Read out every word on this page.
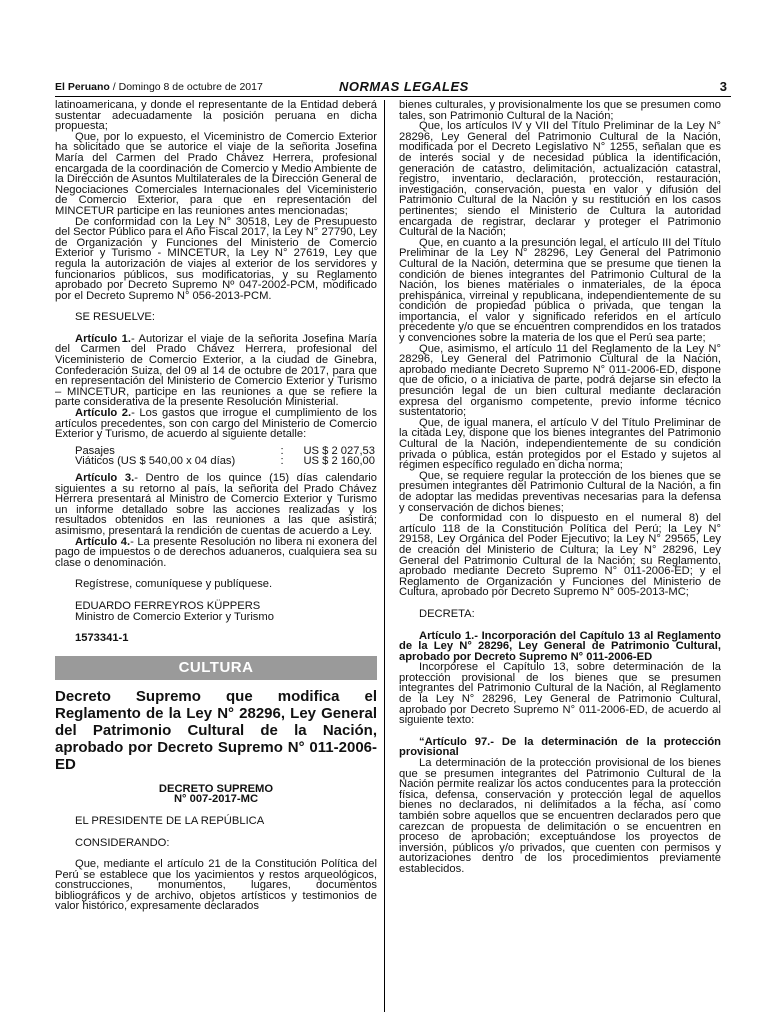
El Peruano / Domingo 8 de octubre de 2017	NORMAS LEGALES	3

latinoamericana, y donde el representante de la Entidad deberá sustentar adecuadamente la posición peruana en dicha propuesta;

Que, por lo expuesto, el Viceministro de Comercio Exterior ha solicitado que se autorice el viaje de la señorita Josefina María del Carmen del Prado Chávez Herrera, profesional encargada de la coordinación de Comercio y Medio Ambiente de la Dirección de Asuntos Multilaterales de la Dirección General de Negociaciones Comerciales Internacionales del Viceministerio de Comercio Exterior, para que en representación del MINCETUR participe en las reuniones antes mencionadas;

De conformidad con la Ley N° 30518, Ley de Presupuesto del Sector Público para el Año Fiscal 2017, la Ley N° 27790, Ley de Organización y Funciones del Ministerio de Comercio Exterior y Turismo - MINCETUR, la Ley N° 27619, Ley que regula la autorización de viajes al exterior de los servidores y funcionarios públicos, sus modificatorias, y su Reglamento aprobado por Decreto Supremo Nº 047-2002-PCM, modificado por el Decreto Supremo N° 056-2013-PCM.

SE RESUELVE:

Artículo 1.- Autorizar el viaje de la señorita Josefina María del Carmen del Prado Chávez Herrera, profesional del Viceministerio de Comercio Exterior, a la ciudad de Ginebra, Confederación Suiza, del 09 al 14 de octubre de 2017, para que en representación del Ministerio de Comercio Exterior y Turismo – MINCETUR, participe en las reuniones a que se refiere la parte considerativa de la presente Resolución Ministerial.

Artículo 2.- Los gastos que irrogue el cumplimiento de los artículos precedentes, son con cargo del Ministerio de Comercio Exterior y Turismo, de acuerdo al siguiente detalle:

Pasajes	:	US $ 2 027,53
Viáticos (US $ 540,00 x 04 días)	:	US $ 2 160,00

Artículo 3.- Dentro de los quince (15) días calendario siguientes a su retorno al país, la señorita del Prado Chávez Herrera presentará al Ministro de Comercio Exterior y Turismo un informe detallado sobre las acciones realizadas y los resultados obtenidos en las reuniones a las que asistirá; asimismo, presentará la rendición de cuentas de acuerdo a Ley.

Artículo 4.- La presente Resolución no libera ni exonera del pago de impuestos o de derechos aduaneros, cualquiera sea su clase o denominación.

Regístrese, comuníquese y publíquese.

EDUARDO FERREYROS KÜPPERS

Ministro de Comercio Exterior y Turismo

1573341-1

CULTURA

Decreto Supremo que modifica el Reglamento de la Ley N° 28296, Ley General del Patrimonio Cultural de la Nación, aprobado por Decreto Supremo N° 011-2006-ED

DECRETO SUPREMO

N° 007-2017-MC

EL PRESIDENTE DE LA REPÚBLICA

CONSIDERANDO:

Que, mediante el artículo 21 de la Constitución Política del Perú se establece que los yacimientos y restos arqueológicos, construcciones, monumentos, lugares, documentos bibliográficos y de archivo, objetos artísticos y testimonios de valor histórico, expresamente declarados

bienes culturales, y provisionalmente los que se presumen como tales, son Patrimonio Cultural de la Nación;

Que, los artículos IV y VII del Título Preliminar de la Ley N° 28296, Ley General del Patrimonio Cultural de la Nación, modificada por el Decreto Legislativo N° 1255, señalan que es de interés social y de necesidad pública la identificación, generación de catastro, delimitación, actualización catastral, registro, inventario, declaración, protección, restauración, investigación, conservación, puesta en valor y difusión del Patrimonio Cultural de la Nación y su restitución en los casos pertinentes; siendo el Ministerio de Cultura la autoridad encargada de registrar, declarar y proteger el Patrimonio Cultural de la Nación;

Que, en cuanto a la presunción legal, el artículo III del Título Preliminar de la Ley N° 28296, Ley General del Patrimonio Cultural de la Nación, determina que se presume que tienen la condición de bienes integrantes del Patrimonio Cultural de la Nación, los bienes materiales o inmateriales, de la época prehispánica, virreinal y republicana, independientemente de su condición de propiedad pública o privada, que tengan la importancia, el valor y significado referidos en el artículo precedente y/o que se encuentren comprendidos en los tratados y convenciones sobre la materia de los que el Perú sea parte;

Que, asimismo, el artículo 11 del Reglamento de la Ley N° 28296, Ley General del Patrimonio Cultural de la Nación, aprobado mediante Decreto Supremo N° 011-2006-ED, dispone que de oficio, o a iniciativa de parte, podrá dejarse sin efecto la presunción legal de un bien cultural mediante declaración expresa del organismo competente, previo informe técnico sustentatorio;

Que, de igual manera, el artículo V del Título Preliminar de la citada Ley, dispone que los bienes integrantes del Patrimonio Cultural de la Nación, independientemente de su condición privada o pública, están protegidos por el Estado y sujetos al régimen específico regulado en dicha norma;

Que, se requiere regular la protección de los bienes que se presumen integrantes del Patrimonio Cultural de la Nación, a fin de adoptar las medidas preventivas necesarias para la defensa y conservación de dichos bienes;

De conformidad con lo dispuesto en el numeral 8) del artículo 118 de la Constitución Política del Perú; la Ley N° 29158, Ley Orgánica del Poder Ejecutivo; la Ley N° 29565, Ley de creación del Ministerio de Cultura; la Ley N° 28296, Ley General del Patrimonio Cultural de la Nación; su Reglamento, aprobado mediante Decreto Supremo N° 011-2006-ED; y el Reglamento de Organización y Funciones del Ministerio de Cultura, aprobado por Decreto Supremo N° 005-2013-MC;

DECRETA:

Artículo 1.- Incorporación del Capítulo 13 al Reglamento de la Ley N° 28296, Ley General de Patrimonio Cultural, aprobado por Decreto Supremo N° 011-2006-ED

Incorpórese el Capítulo 13, sobre determinación de la protección provisional de los bienes que se presumen integrantes del Patrimonio Cultural de la Nación, al Reglamento de la Ley N° 28296, Ley General de Patrimonio Cultural, aprobado por Decreto Supremo N° 011-2006-ED, de acuerdo al siguiente texto:

“Artículo 97.- De la determinación de la protección provisional

La determinación de la protección provisional de los bienes que se presumen integrantes del Patrimonio Cultural de la Nación permite realizar los actos conducentes para la protección física, defensa, conservación y protección legal de aquellos bienes no declarados, ni delimitados a la fecha, así como también sobre aquellos que se encuentren declarados pero que carezcan de propuesta de delimitación o se encuentren en proceso de aprobación; exceptuándose los proyectos de inversión, públicos y/o privados, que cuenten con permisos y autorizaciones dentro de los procedimientos previamente establecidos.
